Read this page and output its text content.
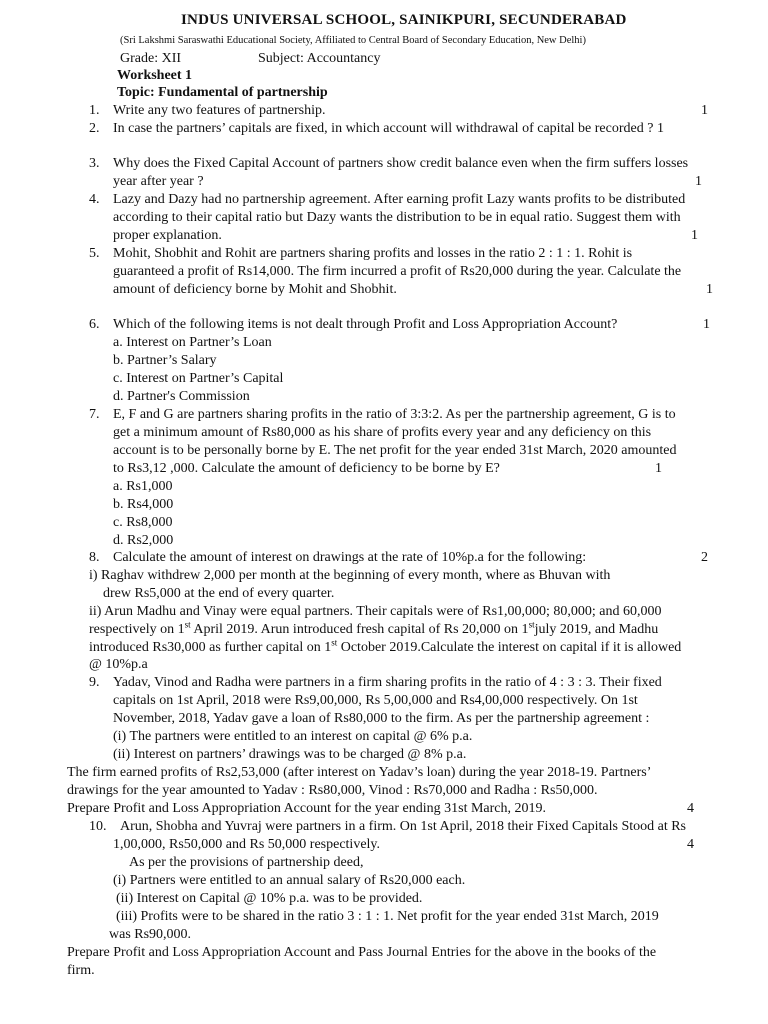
INDUS UNIVERSAL SCHOOL, SAINIKPURI, SECUNDERABAD
(Sri Lakshmi Saraswathi Educational Society, Affiliated to Central Board of Secondary Education, New Delhi)
Grade: XII	Subject: Accountancy
Worksheet 1
Topic: Fundamental of partnership
1. Write any two features of partnership.	1
2. In case the partners’ capitals are fixed, in which account will withdrawal of capital be recorded ? 1
3. Why does the Fixed Capital Account of partners show credit balance even when the firm suffers losses
year after year ?	1
4. Lazy and Dazy had no partnership agreement. After earning profit Lazy wants profits to be distributed
according to their capital ratio but Dazy wants the distribution to be in equal ratio. Suggest them with
proper explanation.	1
5. Mohit, Shobhit and Rohit are partners sharing profits and losses in the ratio 2 : 1 : 1. Rohit is
guaranteed a profit of Rs14,000. The firm incurred a profit of Rs20,000 during the year. Calculate the
amount of deficiency borne by Mohit and Shobhit.	1
6. Which of the following items is not dealt through Profit and Loss Appropriation Account?	1
a. Interest on Partner’s Loan
b. Partner’s Salary
c. Interest on Partner’s Capital
d. Partner's Commission
7. E, F and G are partners sharing profits in the ratio of 3:3:2. As per the partnership agreement, G is to
get a minimum amount of Rs80,000 as his share of profits every year and any deficiency on this
account is to be personally borne by E. The net profit for the year ended 31st March, 2020 amounted
to Rs3,12 ,000. Calculate the amount of deficiency to be borne by E?	1
a. Rs1,000
b. Rs4,000
c. Rs8,000
d. Rs2,000
8. Calculate the amount of interest on drawings at the rate of 10%p.a for the following:	2
i) Raghav withdrew 2,000 per month at the beginning of every month, where as Bhuvan with
drew Rs5,000 at the end of every quarter.
ii) Arun Madhu and Vinay were equal partners. Their capitals were of Rs1,00,000; 80,000; and 60,000
respectively on 1st April 2019. Arun introduced fresh capital of Rs 20,000 on 1stjuly 2019, and Madhu
introduced Rs30,000 as further capital on 1st October 2019.Calculate the interest on capital if it is allowed
@ 10%p.a
9. Yadav, Vinod and Radha were partners in a firm sharing profits in the ratio of 4 : 3 : 3. Their fixed
capitals on 1st April, 2018 were Rs9,00,000, Rs 5,00,000 and Rs4,00,000 respectively. On 1st
November, 2018, Yadav gave a loan of Rs80,000 to the firm. As per the partnership agreement :
(i) The partners were entitled to an interest on capital @ 6% p.a.
(ii) Interest on partners’ drawings was to be charged @ 8% p.a.
The firm earned profits of Rs2,53,000 (after interest on Yadav’s loan) during the year 2018-19. Partners’
drawings for the year amounted to Yadav : Rs80,000, Vinod : Rs70,000 and Radha : Rs50,000.
Prepare Profit and Loss Appropriation Account for the year ending 31st March, 2019.	4
10. Arun, Shobha and Yuvraj were partners in a firm. On 1st April, 2018 their Fixed Capitals Stood at Rs
1,00,000, Rs50,000 and Rs 50,000 respectively.	4
As per the provisions of partnership deed,
(i) Partners were entitled to an annual salary of Rs20,000 each.
(ii) Interest on Capital @ 10% p.a. was to be provided.
(iii) Profits were to be shared in the ratio 3 : 1 : 1. Net profit for the year ended 31st March, 2019
was Rs90,000.
Prepare Profit and Loss Appropriation Account and Pass Journal Entries for the above in the books of the
firm.
